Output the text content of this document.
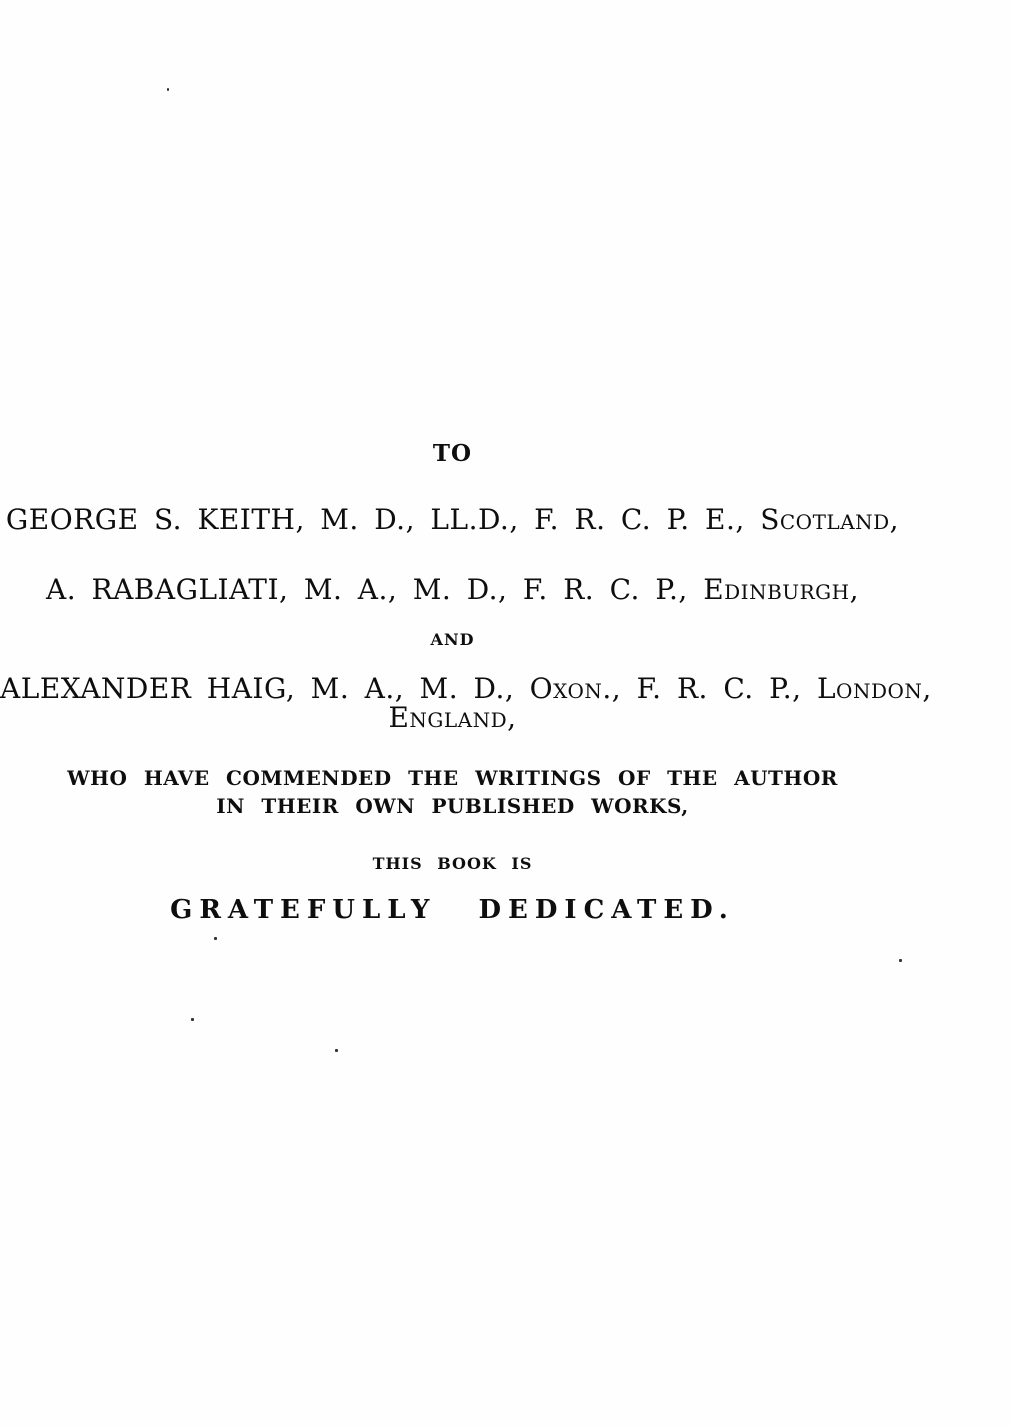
TO
GEORGE S. KEITH, M. D., LL.D., F. R. C. P. E., Scotland,
A. RABAGLIATI, M. A., M. D., F. R. C. P., Edinburgh,
AND
ALEXANDER HAIG, M. A., M. D., Oxon., F. R. C. P., London,
England,
WHO HAVE COMMENDED THE WRITINGS OF THE AUTHOR
IN THEIR OWN PUBLISHED WORKS,
THIS BOOK IS
GRATEFULLY DEDICATED.
